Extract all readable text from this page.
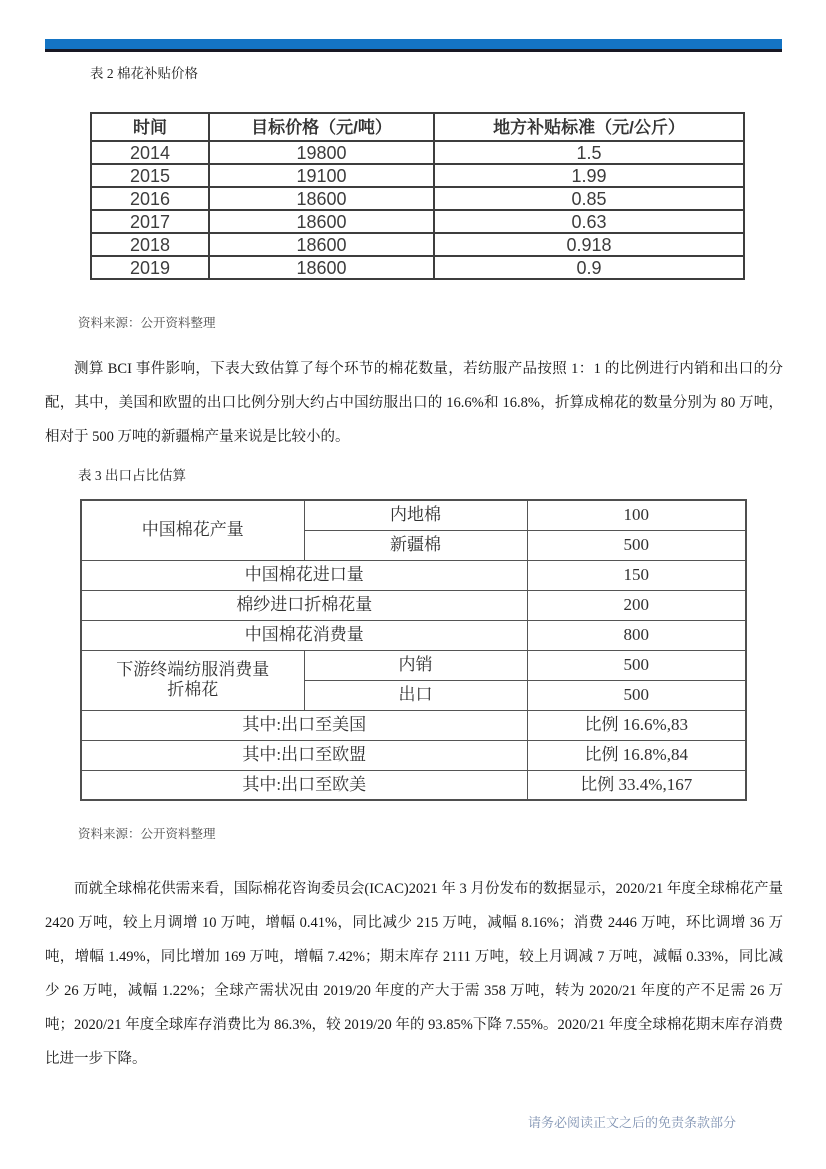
表 2 棉花补贴价格
时间	目标价格（元/吨）	地方补贴标准（元/公斤）
2014	19800	1.5
2015	19100	1.99
2016	18600	0.85
2017	18600	0.63
2018	18600	0.918
2019	18600	0.9
资料来源：公开资料整理

测算 BCI 事件影响，下表大致估算了每个环节的棉花数量，若纺服产品按照 1：1 的比例进行内销和出口的分配，其中，美国和欧盟的出口比例分别大约占中国纺服出口的 16.6%和 16.8%，折算成棉花的数量分别为 80 万吨，相对于 500 万吨的新疆棉产量来说是比较小的。

表 3 出口占比估算
中国棉花产量	内地棉	100
	新疆棉	500
中国棉花进口量		150
棉纱进口折棉花量		200
中国棉花消费量		800
下游终端纺服消费量折棉花	内销	500
	出口	500
其中:出口至美国		比例 16.6%,83
其中:出口至欧盟		比例 16.8%,84
其中:出口至欧美		比例 33.4%,167
资料来源：公开资料整理

而就全球棉花供需来看，国际棉花咨询委员会(ICAC)2021 年 3 月份发布的数据显示，2020/21 年度全球棉花产量 2420 万吨，较上月调增 10 万吨，增幅 0.41%，同比减少 215 万吨，减幅 8.16%；消费 2446 万吨，环比调增 36 万吨，增幅 1.49%，同比增加 169 万吨，增幅 7.42%；期末库存 2111 万吨，较上月调减 7 万吨，减幅 0.33%，同比减少 26 万吨，减幅 1.22%；全球产需状况由 2019/20 年度的产大于需 358 万吨，转为 2020/21 年度的产不足需 26 万吨；2020/21 年度全球库存消费比为 86.3%，较 2019/20 年的 93.85%下降 7.55%。2020/21 年度全球棉花期末库存消费比进一步下降。

请务必阅读正文之后的免责条款部分
